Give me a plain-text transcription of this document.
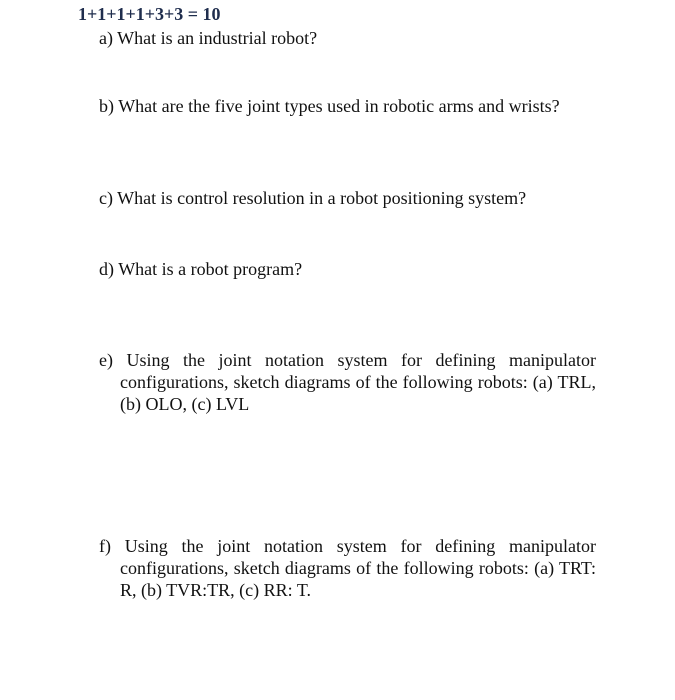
1+1+1+1+3+3 = 10
a) What is an industrial robot?
b) What are the five joint types used in robotic arms and wrists?
c) What is control resolution in a robot positioning system?
d) What is a robot program?
e) Using the joint notation system for defining manipulator configurations, sketch diagrams of the following robots: (a) TRL, (b) OLO, (c) LVL
f) Using the joint notation system for defining manipulator configurations, sketch diagrams of the following robots: (a) TRT: R, (b) TVR:TR, (c) RR: T.
